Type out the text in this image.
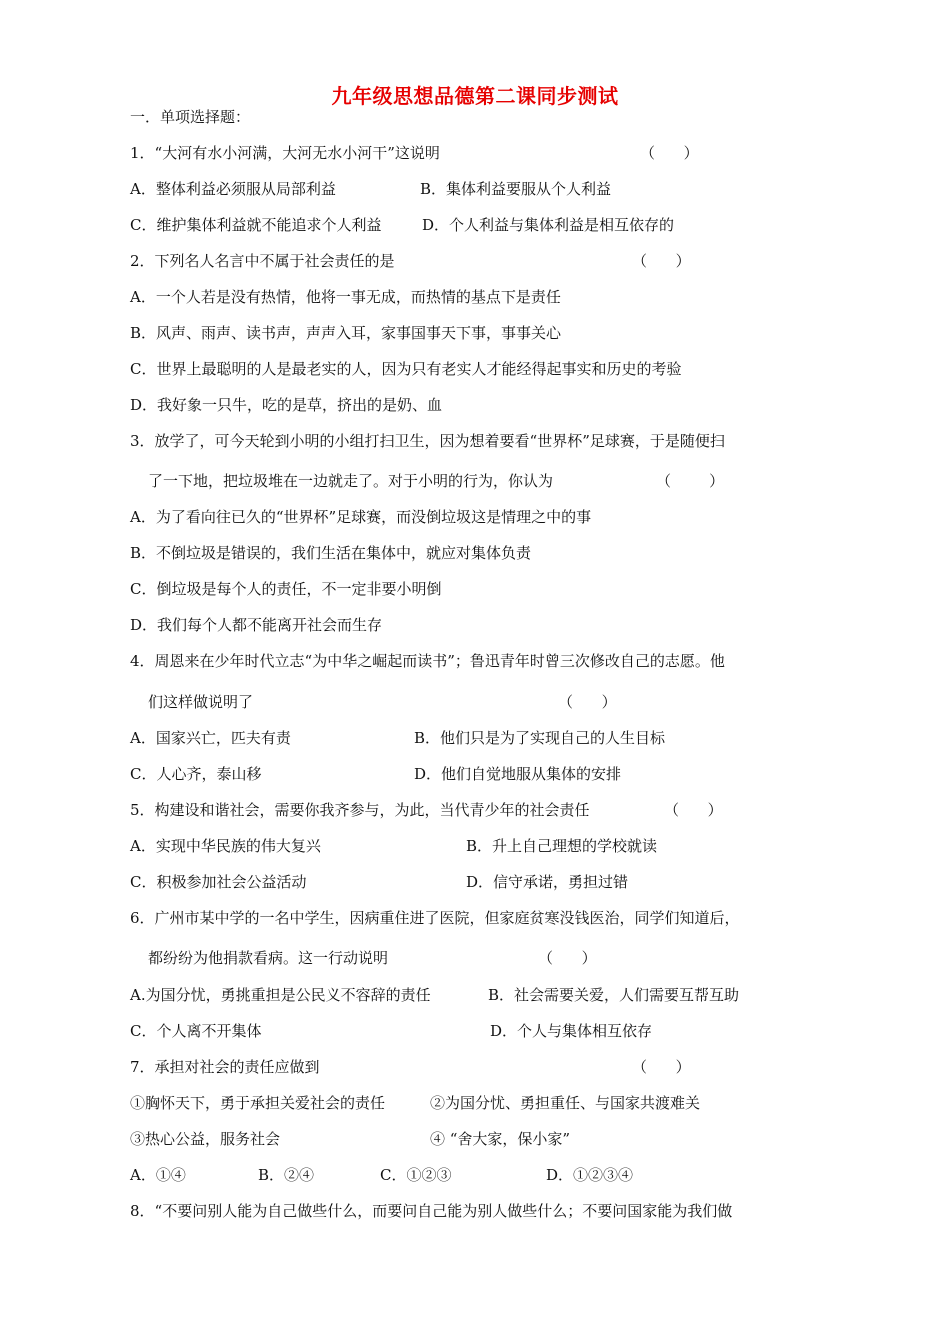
九年级思想品德第二课同步测试
一．单项选择题：
1．“大河有水小河满，大河无水小河干”这说明	（      ）
A．整体利益必须服从局部利益	B．集体利益要服从个人利益
C．维护集体利益就不能追求个人利益	D．个人利益与集体利益是相互依存的
2．下列名人名言中不属于社会责任的是	（      ）
A．一个人若是没有热情，他将一事无成，而热情的基点下是责任
B．风声、雨声、读书声，声声入耳，家事国事天下事，事事关心
C．世界上最聪明的人是最老实的人，因为只有老实人才能经得起事实和历史的考验
D．我好象一只牛，吃的是草，挤出的是奶、血
3．放学了，可今天轮到小明的小组打扫卫生，因为想着要看“世界杯”足球赛，于是随便扫
了一下地，把垃圾堆在一边就走了。对于小明的行为，你认为	（        ）
A．为了看向往已久的“世界杯”足球赛，而没倒垃圾这是情理之中的事
B．不倒垃圾是错误的，我们生活在集体中，就应对集体负责
C．倒垃圾是每个人的责任，不一定非要小明倒
D．我们每个人都不能离开社会而生存
4．周恩来在少年时代立志“为中华之崛起而读书”；鲁迅青年时曾三次修改自己的志愿。他
们这样做说明了	（      ）
A．国家兴亡，匹夫有责	B．他们只是为了实现自己的人生目标
C．人心齐，泰山移	D．他们自觉地服从集体的安排
5．构建设和谐社会，需要你我齐参与，为此，当代青少年的社会责任	（      ）
A．实现中华民族的伟大复兴	B．升上自己理想的学校就读
C．积极参加社会公益活动	D．信守承诺，勇担过错
6．广州市某中学的一名中学生，因病重住进了医院，但家庭贫寒没钱医治，同学们知道后，
都纷纷为他捐款看病。这一行动说明	（      ）
A.为国分忧，勇挑重担是公民义不容辞的责任	B．社会需要关爱，人们需要互帮互助
C．个人离不开集体	D．个人与集体相互依存
7．承担对社会的责任应做到	（      ）
①胸怀天下，勇于承担关爱社会的责任	②为国分忧、勇担重任、与国家共渡难关
③热心公益，服务社会	④ “舍大家，保小家”
A．①④	B．②④	C．①②③	D．①②③④
8．“不要问别人能为自己做些什么，而要问自己能为别人做些什么；不要问国家能为我们做
